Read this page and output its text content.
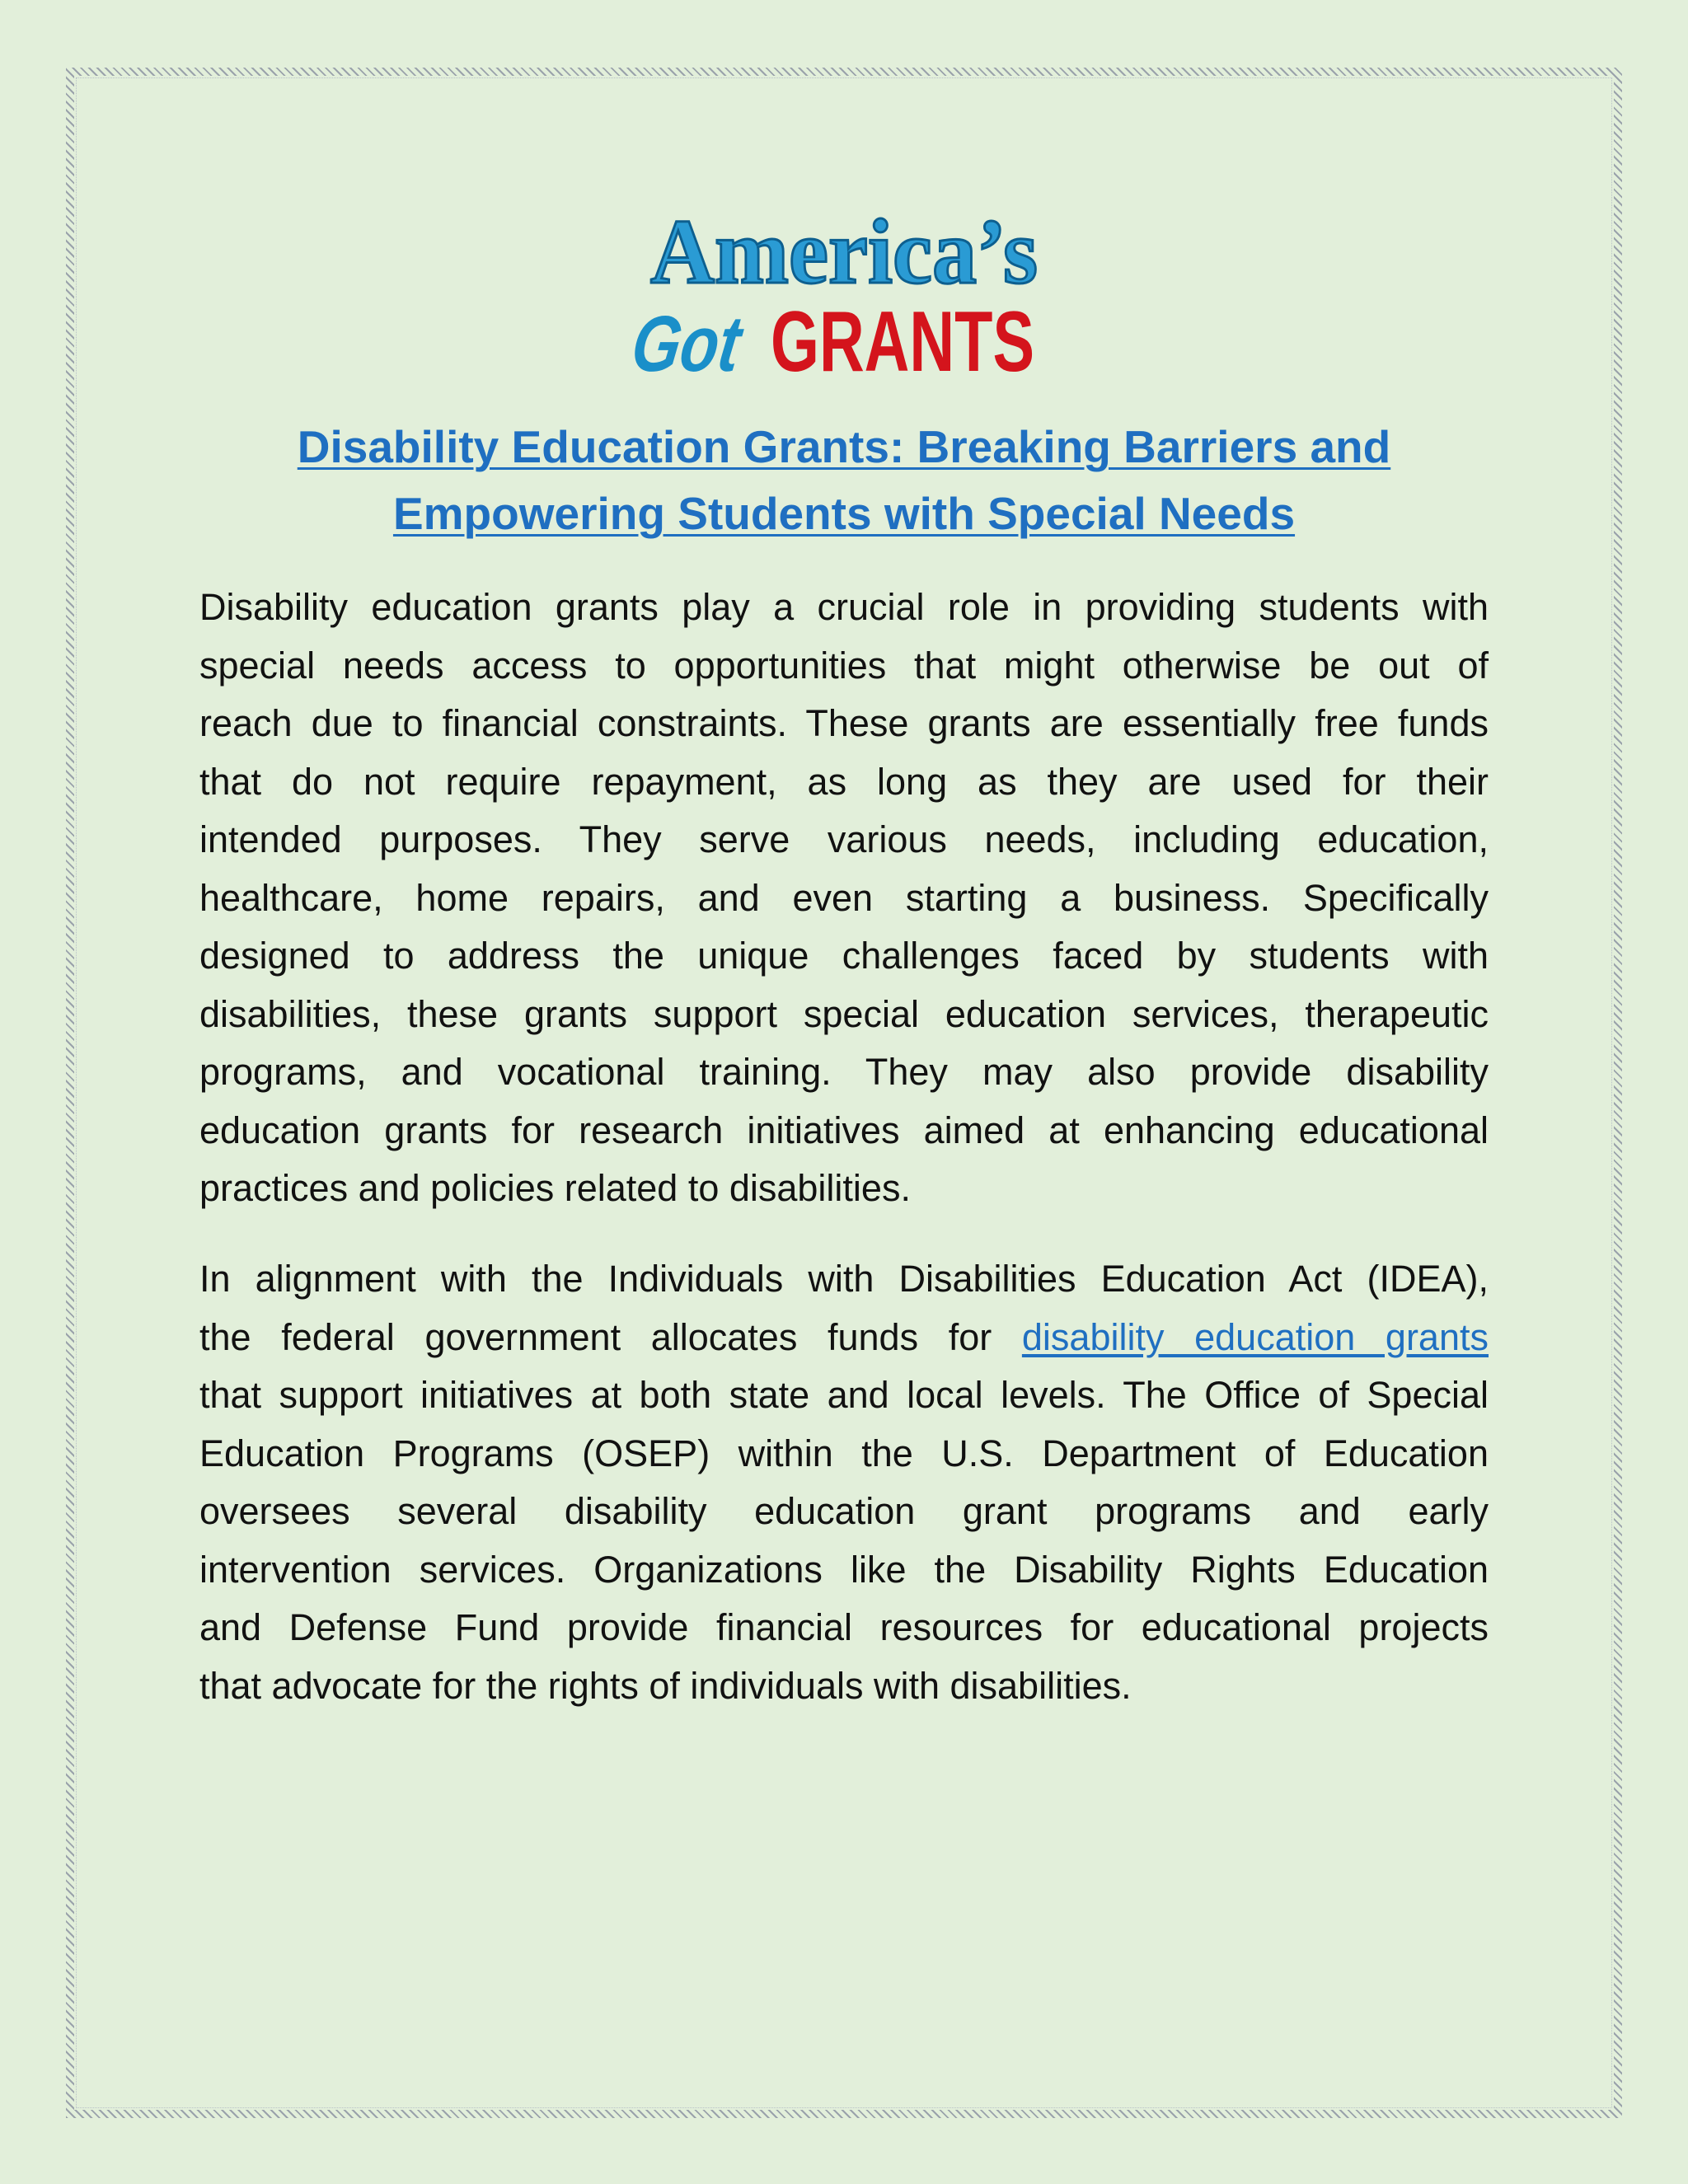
America’s
Got
GRANTS
Disability Education Grants: Breaking Barriers and
Empowering Students with Special Needs
Disability education grants play a crucial role in providing students with
special needs access to opportunities that might otherwise be out of
reach due to financial constraints. These grants are essentially free funds
that do not require repayment, as long as they are used for their
intended purposes. They serve various needs, including education,
healthcare, home repairs, and even starting a business. Specifically
designed to address the unique challenges faced by students with
disabilities, these grants support special education services, therapeutic
programs, and vocational training. They may also provide disability
education grants for research initiatives aimed at enhancing educational
practices and policies related to disabilities.
In alignment with the Individuals with Disabilities Education Act (IDEA),
the federal government allocates funds for disability education grants
that support initiatives at both state and local levels. The Office of Special
Education Programs (OSEP) within the U.S. Department of Education
oversees several disability education grant programs and early
intervention services. Organizations like the Disability Rights Education
and Defense Fund provide financial resources for educational projects
that advocate for the rights of individuals with disabilities.
